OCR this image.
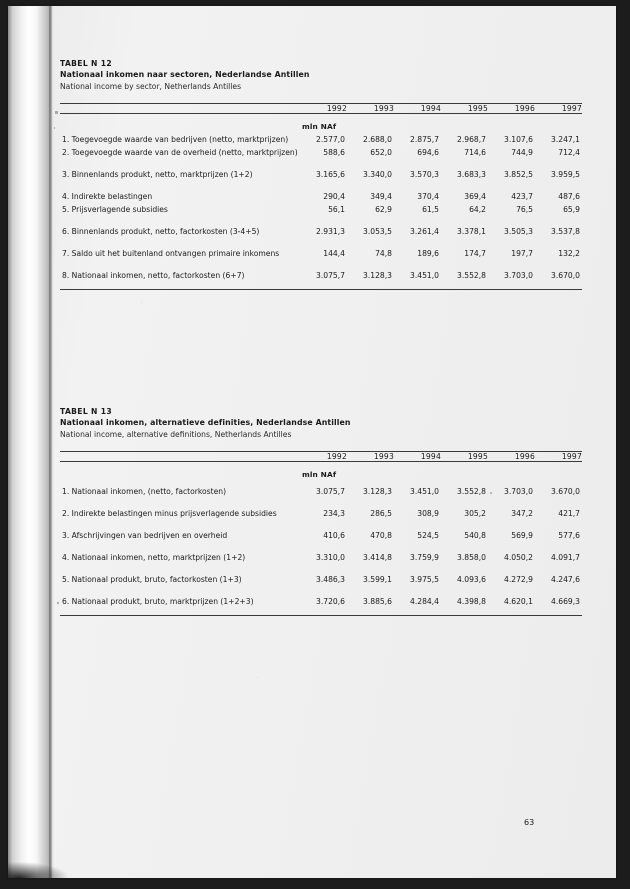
TABEL N 12
Nationaal inkomen naar sectoren, Nederlandse Antillen
National income by sector, Netherlands Antilles
	1992	1993	1994	1995	1996	1997
	mln NAf					
1. Toegevoegde waarde van bedrijven (netto, marktprijzen)	2.577,0	2.688,0	2.875,7	2.968,7	3.107,6	3.247,1
2. Toegevoegde waarde van de overheid (netto, marktprijzen)	588,6	652,0	694,6	714,6	744,9	712,4

3. Binnenlands produkt, netto, marktprijzen (1+2)	3.165,6	3.340,0	3.570,3	3.683,3	3.852,5	3.959,5

4. Indirekte belastingen	290,4	349,4	370,4	369,4	423,7	487,6
5. Prijsverlagende subsidies	56,1	62,9	61,5	64,2	76,5	65,9

6. Binnenlands produkt, netto, factorkosten (3-4+5)	2.931,3	3.053,5	3.261,4	3.378,1	3.505,3	3.537,8

7. Saldo uit het buitenland ontvangen primaire inkomens	144,4	74,8	189,6	174,7	197,7	132,2

8. Nationaal inkomen, netto, factorkosten (6+7)	3.075,7	3.128,3	3.451,0	3.552,8	3.703,0	3.670,0

TABEL N 13
Nationaal inkomen, alternatieve definities, Nederlandse Antillen
National income, alternative definitions, Netherlands Antilles
	1992	1993	1994	1995	1996	1997
	mln NAf					

1. Nationaal inkomen, (netto, factorkosten)	3.075,7	3.128,3	3.451,0	3.552,8	3.703,0	3.670,0

2. Indirekte belastingen minus prijsverlagende subsidies	234,3	286,5	308,9	305,2	347,2	421,7

3. Afschrijvingen van bedrijven en overheid	410,6	470,8	524,5	540,8	569,9	577,6

4. Nationaal inkomen, netto, marktprijzen (1+2)	3.310,0	3.414,8	3.759,9	3.858,0	4.050,2	4.091,7

5. Nationaal produkt, bruto, factorkosten (1+3)	3.486,3	3.599,1	3.975,5	4.093,6	4.272,9	4.247,6

6. Nationaal produkt, bruto, marktprijzen (1+2+3)	3.720,6	3.885,6	4.284,4	4.398,8	4.620,1	4.669,3

63
